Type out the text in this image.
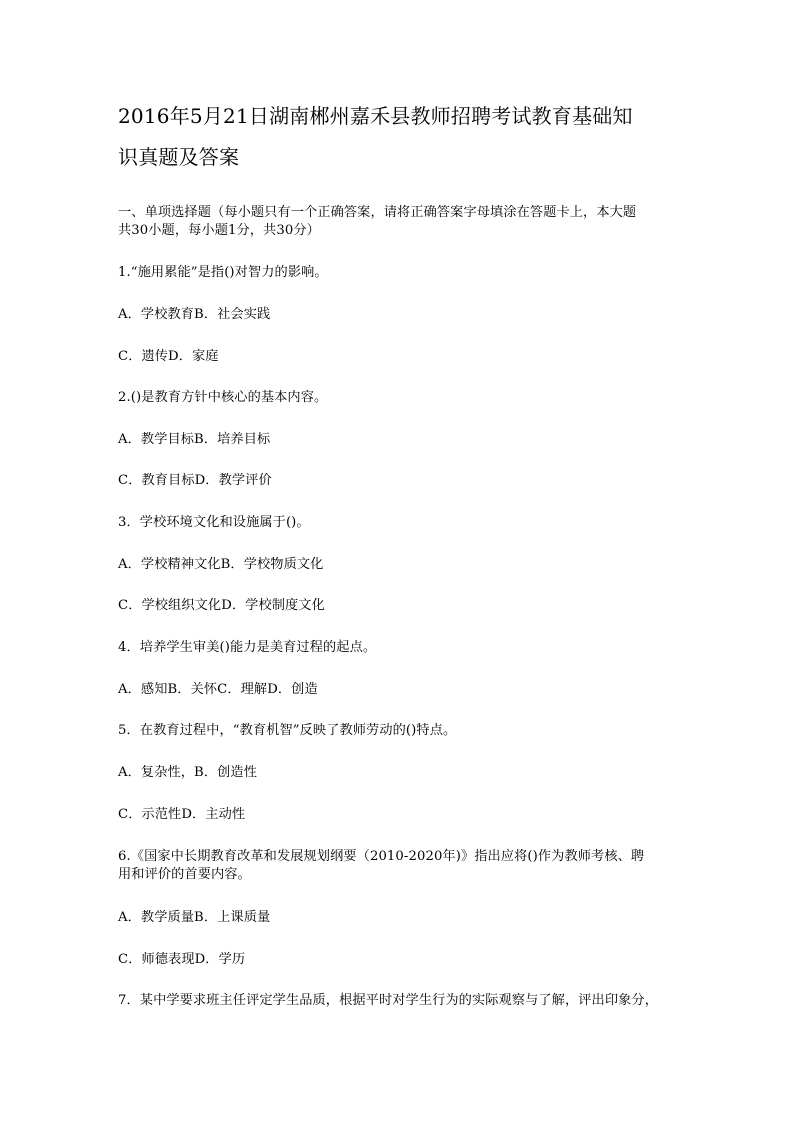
2016年5月21日湖南郴州嘉禾县教师招聘考试教育基础知
识真题及答案
一、单项选择题（每小题只有一个正确答案，请将正确答案字母填涂在答题卡上，本大题
共30小题，每小题1分，共30分）
1.“施用累能”是指()对智力的影响。
A．学校教育B．社会实践
C．遗传D．家庭
2.()是教育方针中核心的基本内容。
A．教学目标B．培养目标
C．教育目标D．教学评价
3．学校环境文化和设施属于()。
A．学校精神文化B．学校物质文化
C．学校组织文化D．学校制度文化
4．培养学生审美()能力是美育过程的起点。
A．感知B．关怀C．理解D．创造
5．在教育过程中，“教育机智”反映了教师劳动的()特点。
A．复杂性，B．创造性
C．示范性D．主动性
6.《国家中长期教育改革和发展规划纲要（2010-2020年)》指出应将()作为教师考核、聘
用和评价的首要内容。
A．教学质量B．上课质量
C．师德表现D．学历
7．某中学要求班主任评定学生品质，根据平时对学生行为的实际观察与了解，评出印象分，
